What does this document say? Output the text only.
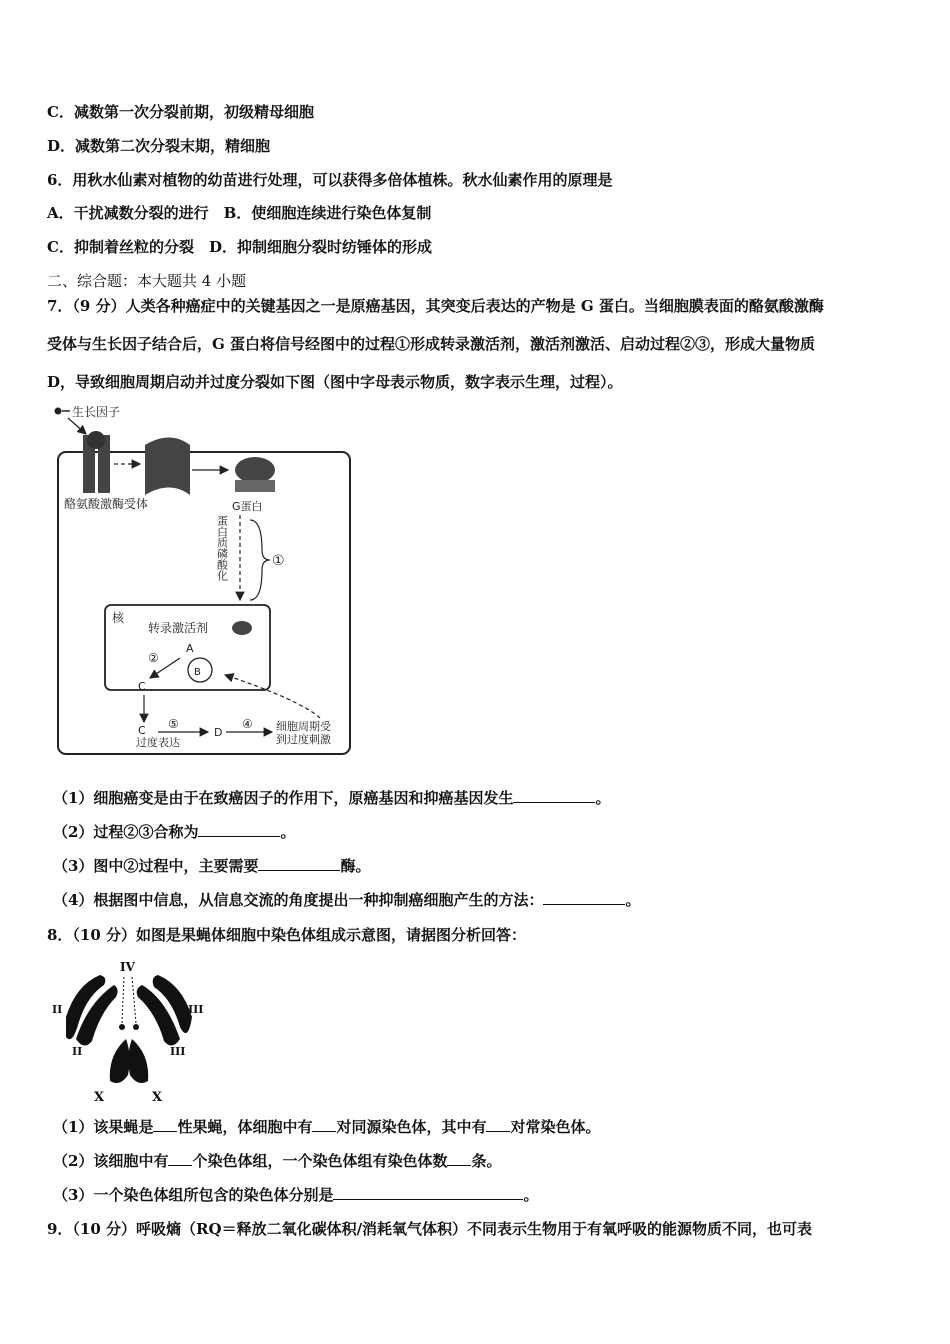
C．减数第一次分裂前期，初级精母细胞
D．减数第二次分裂末期，精细胞
6．用秋水仙素对植物的幼苗进行处理，可以获得多倍体植株。秋水仙素作用的原理是
A．干扰减数分裂的进行　B．使细胞连续进行染色体复制
C．抑制着丝粒的分裂　D．抑制细胞分裂时纺锤体的形成
二、综合题：本大题共 4 小题
7．（9 分）人类各种癌症中的关键基因之一是原癌基因，其突变后表达的产物是 G 蛋白。当细胞膜表面的酪氨酸激酶
受体与生长因子结合后，G 蛋白将信号经图中的过程①形成转录激活剂，激活剂激活、启动过程②③，形成大量物质
D，导致细胞周期启动并过度分裂如下图（图中字母表示物质，数字表示生理，过程）。
生长因子
酪氨酸激酶受体	G蛋白
蛋白质磷酸化	①
核
转录激活剂
A
B
②
C
C
过度表达
⑤
D
④ 细胞周期受
到过度刺激
（1）细胞癌变是由于在致癌因子的作用下，原癌基因和抑癌基因发生	。
（2）过程②③合称为	。
（3）图中②过程中，主要需要	酶。
（4）根据图中信息，从信息交流的角度提出一种抑制癌细胞产生的方法：	。
8．（10 分）如图是果蝇体细胞中染色体组成示意图，请据图分析回答：
IV
II	III
II	III
X	X
（1）该果蝇是 性果蝇，体细胞中有 对同源染色体，其中有 对常染色体。
（2）该细胞中有 个染色体组，一个染色体组有染色体数 条。
（3）一个染色体组所包含的染色体分别是	。
9．（10 分）呼吸熵（RQ＝释放二氧化碳体积/消耗氧气体积）不同表示生物用于有氧呼吸的能源物质不同，也可表
